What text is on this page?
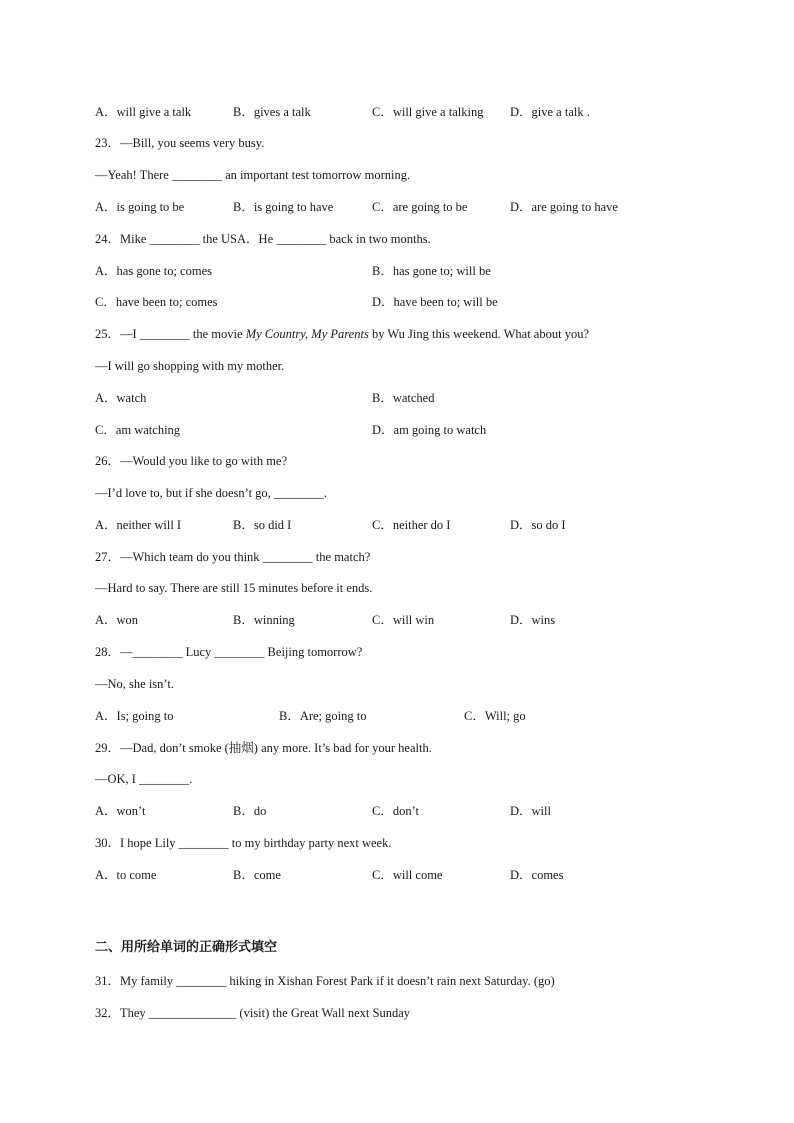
A．will give a talk	B．gives a talk	C．will give a talking D．give a talk .
23．—Bill, you seems very busy.
—Yeah! There ________ an important test tomorrow morning.
A．is going to be	B．is going to have	C．are going to be	D．are going to have
24．Mike ________ the USA．He ________ back in two months.
A．has gone to; comes	B．has gone to; will be
C．have been to; comes	D．have been to; will be
25．—I ________ the movie My Country, My Parents by Wu Jing this weekend. What about you?
—I will go shopping with my mother.
A．watch	B．watched
C．am watching	D．am going to watch
26．—Would you like to go with me?
—I’d love to, but if she doesn’t go, ________.
A．neither will I	B．so did I	C．neither do I	D．so do I
27．—Which team do you think ________ the match?
—Hard to say. There are still 15 minutes before it ends.
A．won	B．winning	C．will win	D．wins
28．—________ Lucy ________ Beijing tomorrow?
—No, she isn’t.
A．Is; going to	B．Are; going to	C．Will; go
29．—Dad, don’t smoke (抽烟) any more. It’s bad for your health.
—OK, I ________.
A．won’t	B．do	C．don’t	D．will
30．I hope Lily ________ to my birthday party next week.
A．to come	B．come	C．will come	D．comes
二、用所给单词的正确形式填空
31．My family ________ hiking in Xishan Forest Park if it doesn’t rain next Saturday. (go)
32．They ______________ (visit) the Great Wall next Sunday
